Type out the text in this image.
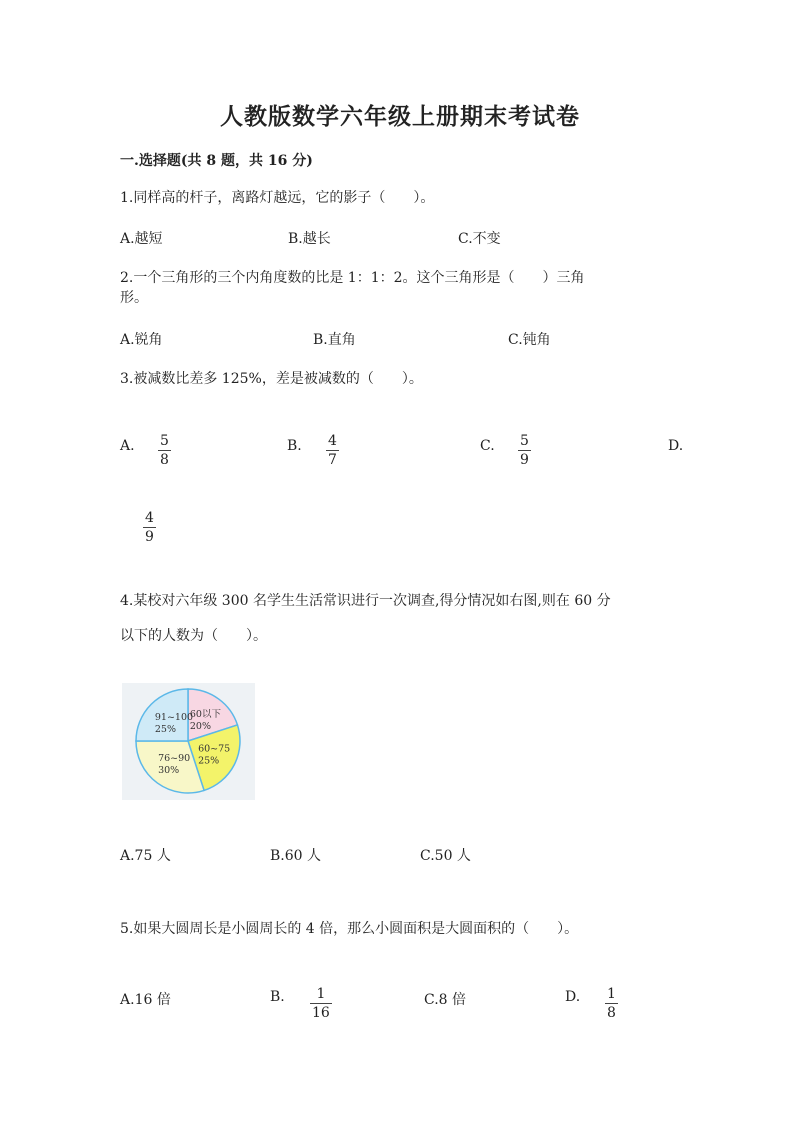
人教版数学六年级上册期末考试卷
一.选择题(共 8 题，共 16 分)
1.同样高的杆子，离路灯越远，它的影子（　　）。
A.越短	B.越长	C.不变
2.一个三角形的三个内角度数的比是 1：1：2。这个三角形是（　　）三角
形。
A.锐角	B.直角	C.钝角
3.被减数比差多 125%，差是被减数的（　　）。
A. $\frac{5}{8}$	B. $\frac{4}{7}$	C. $\frac{5}{9}$	D.
$\frac{4}{9}$
4.某校对六年级 300 名学生生活常识进行一次调查,得分情况如右图,则在 60 分
以下的人数为（　　）。
60以下
20%
60~75
25%
76~90
30%
91~100
25%
A.75 人	B.60 人	C.50 人
5.如果大圆周长是小圆周长的 4 倍，那么小圆面积是大圆面积的（　　）。
A.16 倍	B. $\frac{1}{16}$	C.8 倍	D. $\frac{1}{8}$
